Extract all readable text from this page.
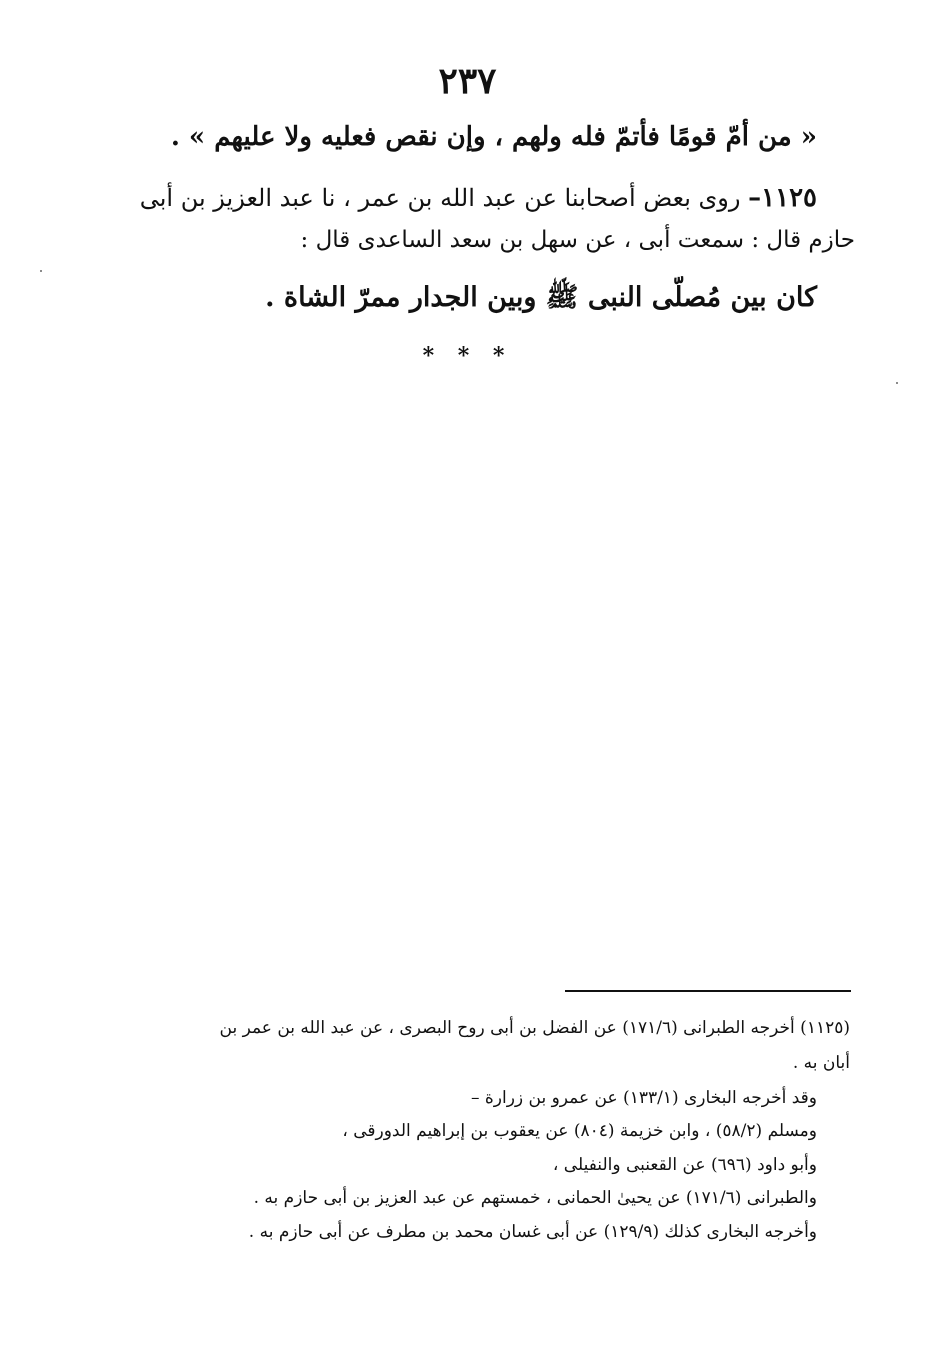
٢٣٧

« من أمّ قومًا فأتمّ فله ولهم ، وإن نقص فعليه ولا عليهم » .

١١٢٥– روى بعض أصحابنا عن عبد الله بن عمر ، نا عبد العزيز بن أبى

حازم قال : سمعت أبى ، عن سهل بن سعد الساعدى قال :

كان بين مُصلّى النبى ﷺ وبين الجدار ممرّ الشاة .

* * *

(١١٢٥) أخرجه الطبرانى (١٧١/٦) عن الفضل بن أبى روح البصرى ، عن عبد الله بن عمر بن

أبان به .

وقد أخرجه البخارى (١٣٣/١) عن عمرو بن زرارة –

ومسلم (٥٨/٢) ، وابن خزيمة (٨٠٤) عن يعقوب بن إبراهيم الدورقى ،

وأبو داود (٦٩٦) عن القعنبى والنفيلى ،

والطبرانى (١٧١/٦) عن يحيىٰ الحمانى ، خمستهم عن عبد العزيز بن أبى حازم به .

وأخرجه البخارى كذلك (١٢٩/٩) عن أبى غسان محمد بن مطرف عن أبى حازم به .
